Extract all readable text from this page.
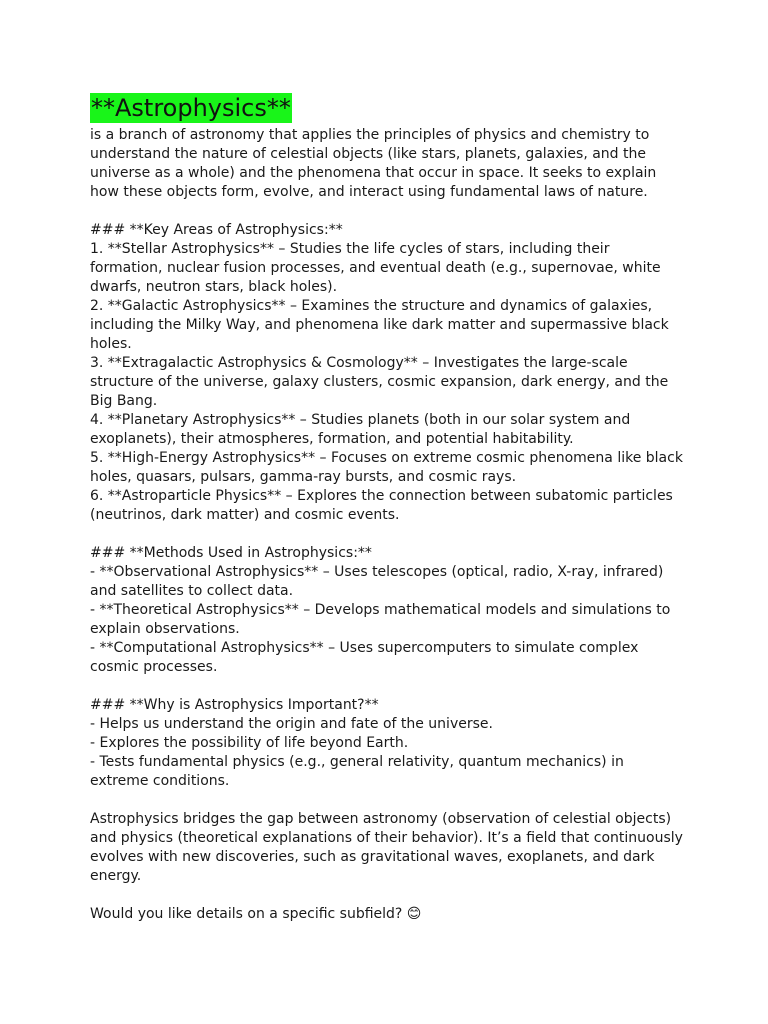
**Astrophysics**
is a branch of astronomy that applies the principles of physics and chemistry to
understand the nature of celestial objects (like stars, planets, galaxies, and the
universe as a whole) and the phenomena that occur in space. It seeks to explain
how these objects form, evolve, and interact using fundamental laws of nature.
### **Key Areas of Astrophysics:**
1. **Stellar Astrophysics** – Studies the life cycles of stars, including their
formation, nuclear fusion processes, and eventual death (e.g., supernovae, white
dwarfs, neutron stars, black holes).
2. **Galactic Astrophysics** – Examines the structure and dynamics of galaxies,
including the Milky Way, and phenomena like dark matter and supermassive black
holes.
3. **Extragalactic Astrophysics & Cosmology** – Investigates the large-scale
structure of the universe, galaxy clusters, cosmic expansion, dark energy, and the
Big Bang.
4. **Planetary Astrophysics** – Studies planets (both in our solar system and
exoplanets), their atmospheres, formation, and potential habitability.
5. **High-Energy Astrophysics** – Focuses on extreme cosmic phenomena like black
holes, quasars, pulsars, gamma-ray bursts, and cosmic rays.
6. **Astroparticle Physics** – Explores the connection between subatomic particles
(neutrinos, dark matter) and cosmic events.
### **Methods Used in Astrophysics:**
- **Observational Astrophysics** – Uses telescopes (optical, radio, X-ray, infrared)
and satellites to collect data.
- **Theoretical Astrophysics** – Develops mathematical models and simulations to
explain observations.
- **Computational Astrophysics** – Uses supercomputers to simulate complex
cosmic processes.
### **Why is Astrophysics Important?**
- Helps us understand the origin and fate of the universe.
- Explores the possibility of life beyond Earth.
- Tests fundamental physics (e.g., general relativity, quantum mechanics) in
extreme conditions.
Astrophysics bridges the gap between astronomy (observation of celestial objects)
and physics (theoretical explanations of their behavior). It’s a field that continuously
evolves with new discoveries, such as gravitational waves, exoplanets, and dark
energy.
Would you like details on a specific subfield? 😊
